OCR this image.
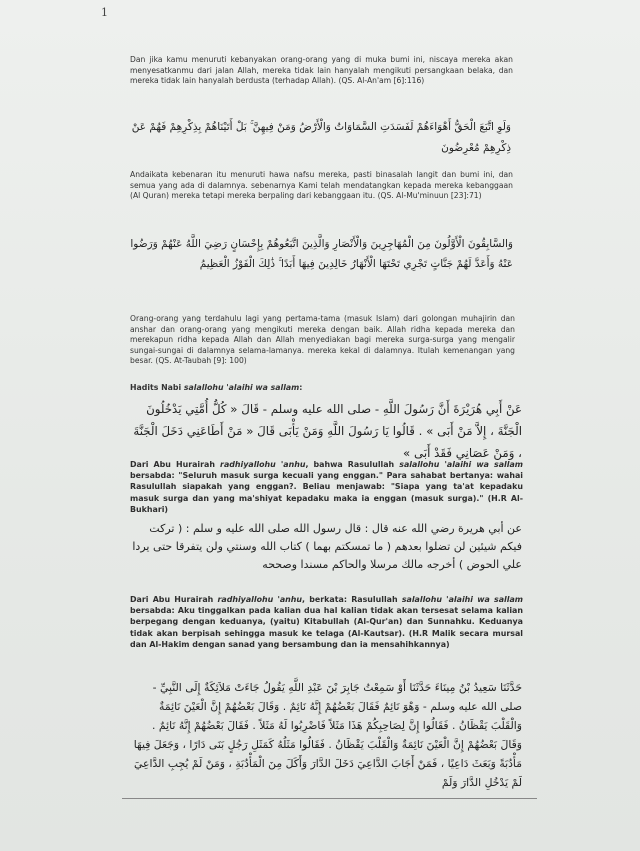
1
Dan jika kamu menuruti kebanyakan orang-orang yang di muka bumi ini, niscaya mereka akan menyesatkanmu dari jalan Allah, mereka tidak lain hanyalah mengikuti persangkaan belaka, dan mereka tidak lain hanyalah berdusta (terhadap Allah). (QS. Al-An'am [6]:116)
وَلَوِ اتَّبَعَ الْحَقُّ أَهْوَاءَهُمْ لَفَسَدَتِ السَّمَاوَاتُ وَالْأَرْضُ وَمَنْ فِيهِنَّ ۚ بَلْ أَتَيْنَاهُمْ بِذِكْرِهِمْ فَهُمْ عَنْ ذِكْرِهِمْ مُعْرِضُونَ
Andaikata kebenaran itu menuruti hawa nafsu mereka, pasti binasalah langit dan bumi ini, dan semua yang ada di dalamnya. sebenarnya Kami telah mendatangkan kepada mereka kebanggaan (Al Quran) mereka tetapi mereka berpaling dari kebanggaan itu. (QS. Al-Mu'minuun [23]:71)
وَالسَّابِقُونَ الْأَوَّلُونَ مِنَ الْمُهَاجِرِينَ وَالْأَنْصَارِ وَالَّذِينَ اتَّبَعُوهُمْ بِإِحْسَانٍ رَضِيَ اللَّهُ عَنْهُمْ وَرَضُوا عَنْهُ وَأَعَدَّ لَهُمْ جَنَّاتٍ تَجْرِي تَحْتَهَا الْأَنْهَارُ خَالِدِينَ فِيهَا أَبَدًا ۚ ذَٰلِكَ الْفَوْزُ الْعَظِيمُ
Orang-orang yang terdahulu lagi yang pertama-tama (masuk Islam) dari golongan muhajirin dan anshar dan orang-orang yang mengikuti mereka dengan baik. Allah ridha kepada mereka dan merekapun ridha kepada Allah dan Allah menyediakan bagi mereka surga-surga yang mengalir sungai-sungai di dalamnya selama-lamanya. mereka kekal di dalamnya. Itulah kemenangan yang besar. (QS. At-Taubah [9]: 100)
Hadits Nabi salallohu 'alaihi wa sallam:
عَنْ أَبِي هُرَيْرَةَ أَنَّ رَسُولَ اللَّهِ - صلى الله عليه وسلم - قَالَ « كُلُّ أُمَّتِي يَدْخُلُونَ الْجَنَّةَ ، إِلاَّ مَنْ أَبَى » . قَالُوا يَا رَسُولَ اللَّهِ وَمَنْ يَأْبَى قَالَ « مَنْ أَطَاعَنِي دَخَلَ الْجَنَّةَ ، وَمَنْ عَصَانِي فَقَدْ أَبَى »
Dari Abu Hurairah radhiyallohu 'anhu, bahwa Rasulullah salallohu 'alaihi wa sallam bersabda: "Seluruh masuk surga kecuali yang enggan." Para sahabat bertanya: wahai Rasulullah siapakah yang enggan?. Beliau menjawab: "Siapa yang ta'at kepadaku masuk surga dan yang ma'shiyat kepadaku maka ia enggan (masuk surga)." (H.R Al-Bukhari)
عن أبي هريرة رضي الله عنه قال : قال رسول الله صلى الله عليه و سلم : ( تركت فيكم شيئين لن تضلوا بعدهم ( ما تمسكتم بهما ) كتاب الله وسنتي ولن يتفرقا حتى يردا علي الحوض ) أخرجه مالك مرسلا والحاكم مسندا وصححه
Dari Abu Hurairah radhiyallohu 'anhu, berkata: Rasulullah salallohu 'alaihi wa sallam bersabda: Aku tinggalkan pada kalian dua hal kalian tidak akan tersesat selama kalian berpegang dengan keduanya, (yaitu) Kitabullah (Al-Qur'an) dan Sunnahku. Keduanya tidak akan berpisah sehingga masuk ke telaga (Al-Kautsar). (H.R Malik secara mursal dan Al-Hakim dengan sanad yang bersambung dan ia mensahihkannya)
حَدَّثَنَا سَعِيدُ بْنُ مِينَاءَ حَدَّثَنَا أَوْ سَمِعْتُ جَابِرَ بْنَ عَبْدِ اللَّهِ يَقُولُ جَاءَتْ مَلاَئِكَةٌ إِلَى النَّبِيِّ - صلى الله عليه وسلم - وَهْوَ نَائِمٌ فَقَالَ بَعْضُهُمْ إِنَّهُ نَائِمٌ . وَقَالَ بَعْضُهُمْ إِنَّ الْعَيْنَ نَائِمَةٌ وَالْقَلْبَ يَقْظَانُ . فَقَالُوا إِنَّ لِصَاحِبِكُمْ هَذَا مَثَلاً فَاضْرِبُوا لَهُ مَثَلاً . فَقَالَ بَعْضُهُمْ إِنَّهُ نَائِمٌ . وَقَالَ بَعْضُهُمْ إِنَّ الْعَيْنَ نَائِمَةٌ وَالْقَلْبَ يَقْظَانُ . فَقَالُوا مَثَلُهُ كَمَثَلِ رَجُلٍ بَنَى دَارًا ، وَجَعَلَ فِيهَا مَأْدُبَةً وَبَعَثَ دَاعِيًا ، فَمَنْ أَجَابَ الدَّاعِيَ دَخَلَ الدَّارَ وَأَكَلَ مِنَ الْمَأْدُبَةِ ، وَمَنْ لَمْ يُجِبِ الدَّاعِيَ لَمْ يَدْخُلِ الدَّارَ وَلَمْ
